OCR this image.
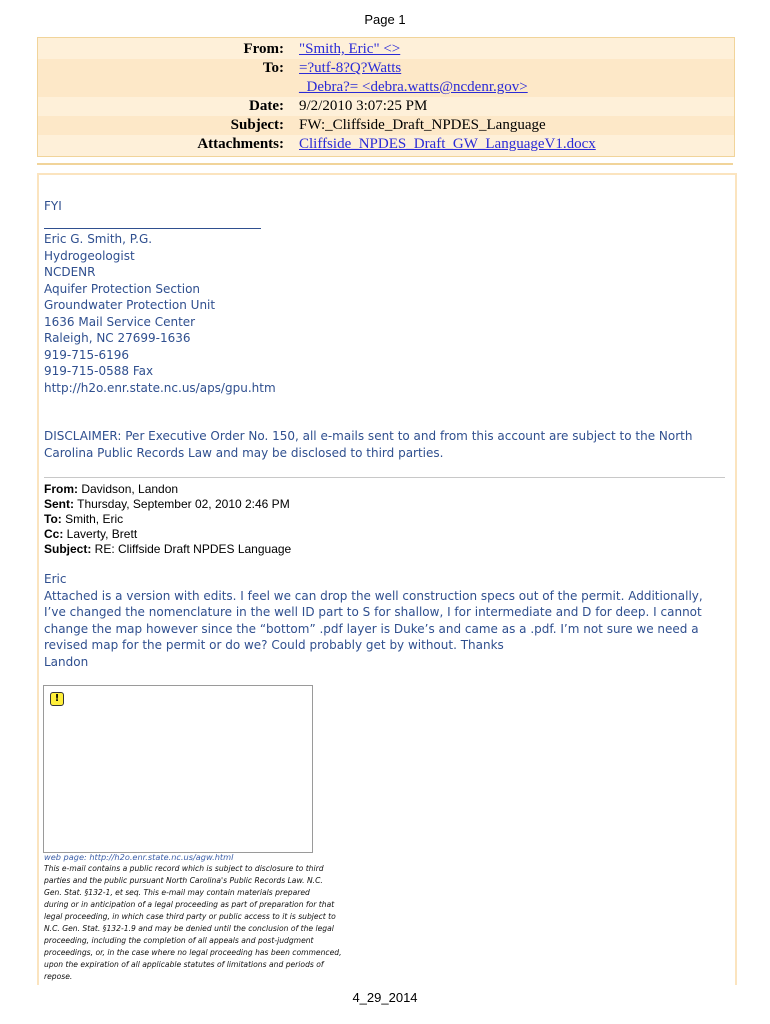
Page 1
From: "Smith, Eric" <>
To: =?utf-8?Q?Watts
_Debra?= <debra.watts@ncdenr.gov>
Date: 9/2/2010 3:07:25 PM
Subject: FW:_Cliffside_Draft_NPDES_Language
Attachments: Cliffside_NPDES_Draft_GW_LanguageV1.docx
FYI
Eric G. Smith, P.G.
Hydrogeologist
NCDENR
Aquifer Protection Section
Groundwater Protection Unit
1636 Mail Service Center
Raleigh, NC 27699-1636
919-715-6196
919-715-0588 Fax
http://h2o.enr.state.nc.us/aps/gpu.htm
DISCLAIMER: Per Executive Order No. 150, all e-mails sent to and from this account are subject to the North
Carolina Public Records Law and may be disclosed to third parties.
From: Davidson, Landon
Sent: Thursday, September 02, 2010 2:46 PM
To: Smith, Eric
Cc: Laverty, Brett
Subject: RE: Cliffside Draft NPDES Language
Eric
Attached is a version with edits. I feel we can drop the well construction specs out of the permit. Additionally,
I’ve changed the nomenclature in the well ID part to S for shallow, I for intermediate and D for deep. I cannot
change the map however since the “bottom” .pdf layer is Duke’s and came as a .pdf. I’m not sure we need a
revised map for the permit or do we? Could probably get by without. Thanks
Landon
!
web page: http://h2o.enr.state.nc.us/agw.html
This e-mail contains a public record which is subject to disclosure to third
parties and the public pursuant North Carolina's Public Records Law. N.C.
Gen. Stat. §132-1, et seq. This e-mail may contain materials prepared
during or in anticipation of a legal proceeding as part of preparation for that
legal proceeding, in which case third party or public access to it is subject to
N.C. Gen. Stat. §132-1.9 and may be denied until the conclusion of the legal
proceeding, including the completion of all appeals and post-judgment
proceedings, or, in the case where no legal proceeding has been commenced,
upon the expiration of all applicable statutes of limitations and periods of
repose.
4_29_2014
